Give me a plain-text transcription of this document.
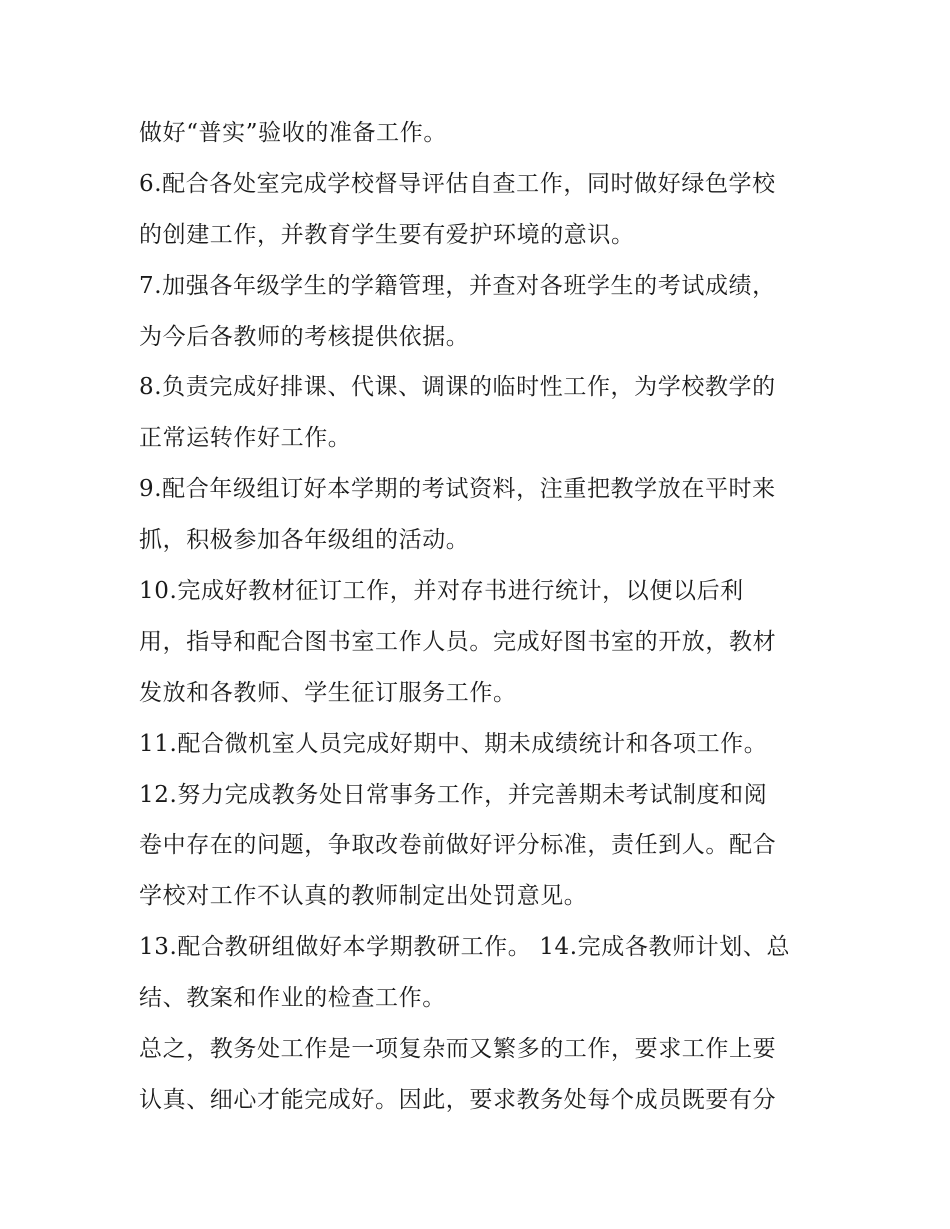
做好“普实”验收的准备工作。
6.配合各处室完成学校督导评估自查工作，同时做好绿色学校
的创建工作，并教育学生要有爱护环境的意识。
7.加强各年级学生的学籍管理，并查对各班学生的考试成绩，
为今后各教师的考核提供依据。
8.负责完成好排课、代课、调课的临时性工作，为学校教学的
正常运转作好工作。
9.配合年级组订好本学期的考试资料，注重把教学放在平时来
抓，积极参加各年级组的活动。
10.完成好教材征订工作，并对存书进行统计，以便以后利
用，指导和配合图书室工作人员。完成好图书室的开放，教材
发放和各教师、学生征订服务工作。
11.配合微机室人员完成好期中、期未成绩统计和各项工作。
12.努力完成教务处日常事务工作，并完善期未考试制度和阅
卷中存在的问题，争取改卷前做好评分标准，责任到人。配合
学校对工作不认真的教师制定出处罚意见。
13.配合教研组做好本学期教研工作。 14.完成各教师计划、总
结、教案和作业的检查工作。
总之，教务处工作是一项复杂而又繁多的工作，要求工作上要
认真、细心才能完成好。因此，要求教务处每个成员既要有分
